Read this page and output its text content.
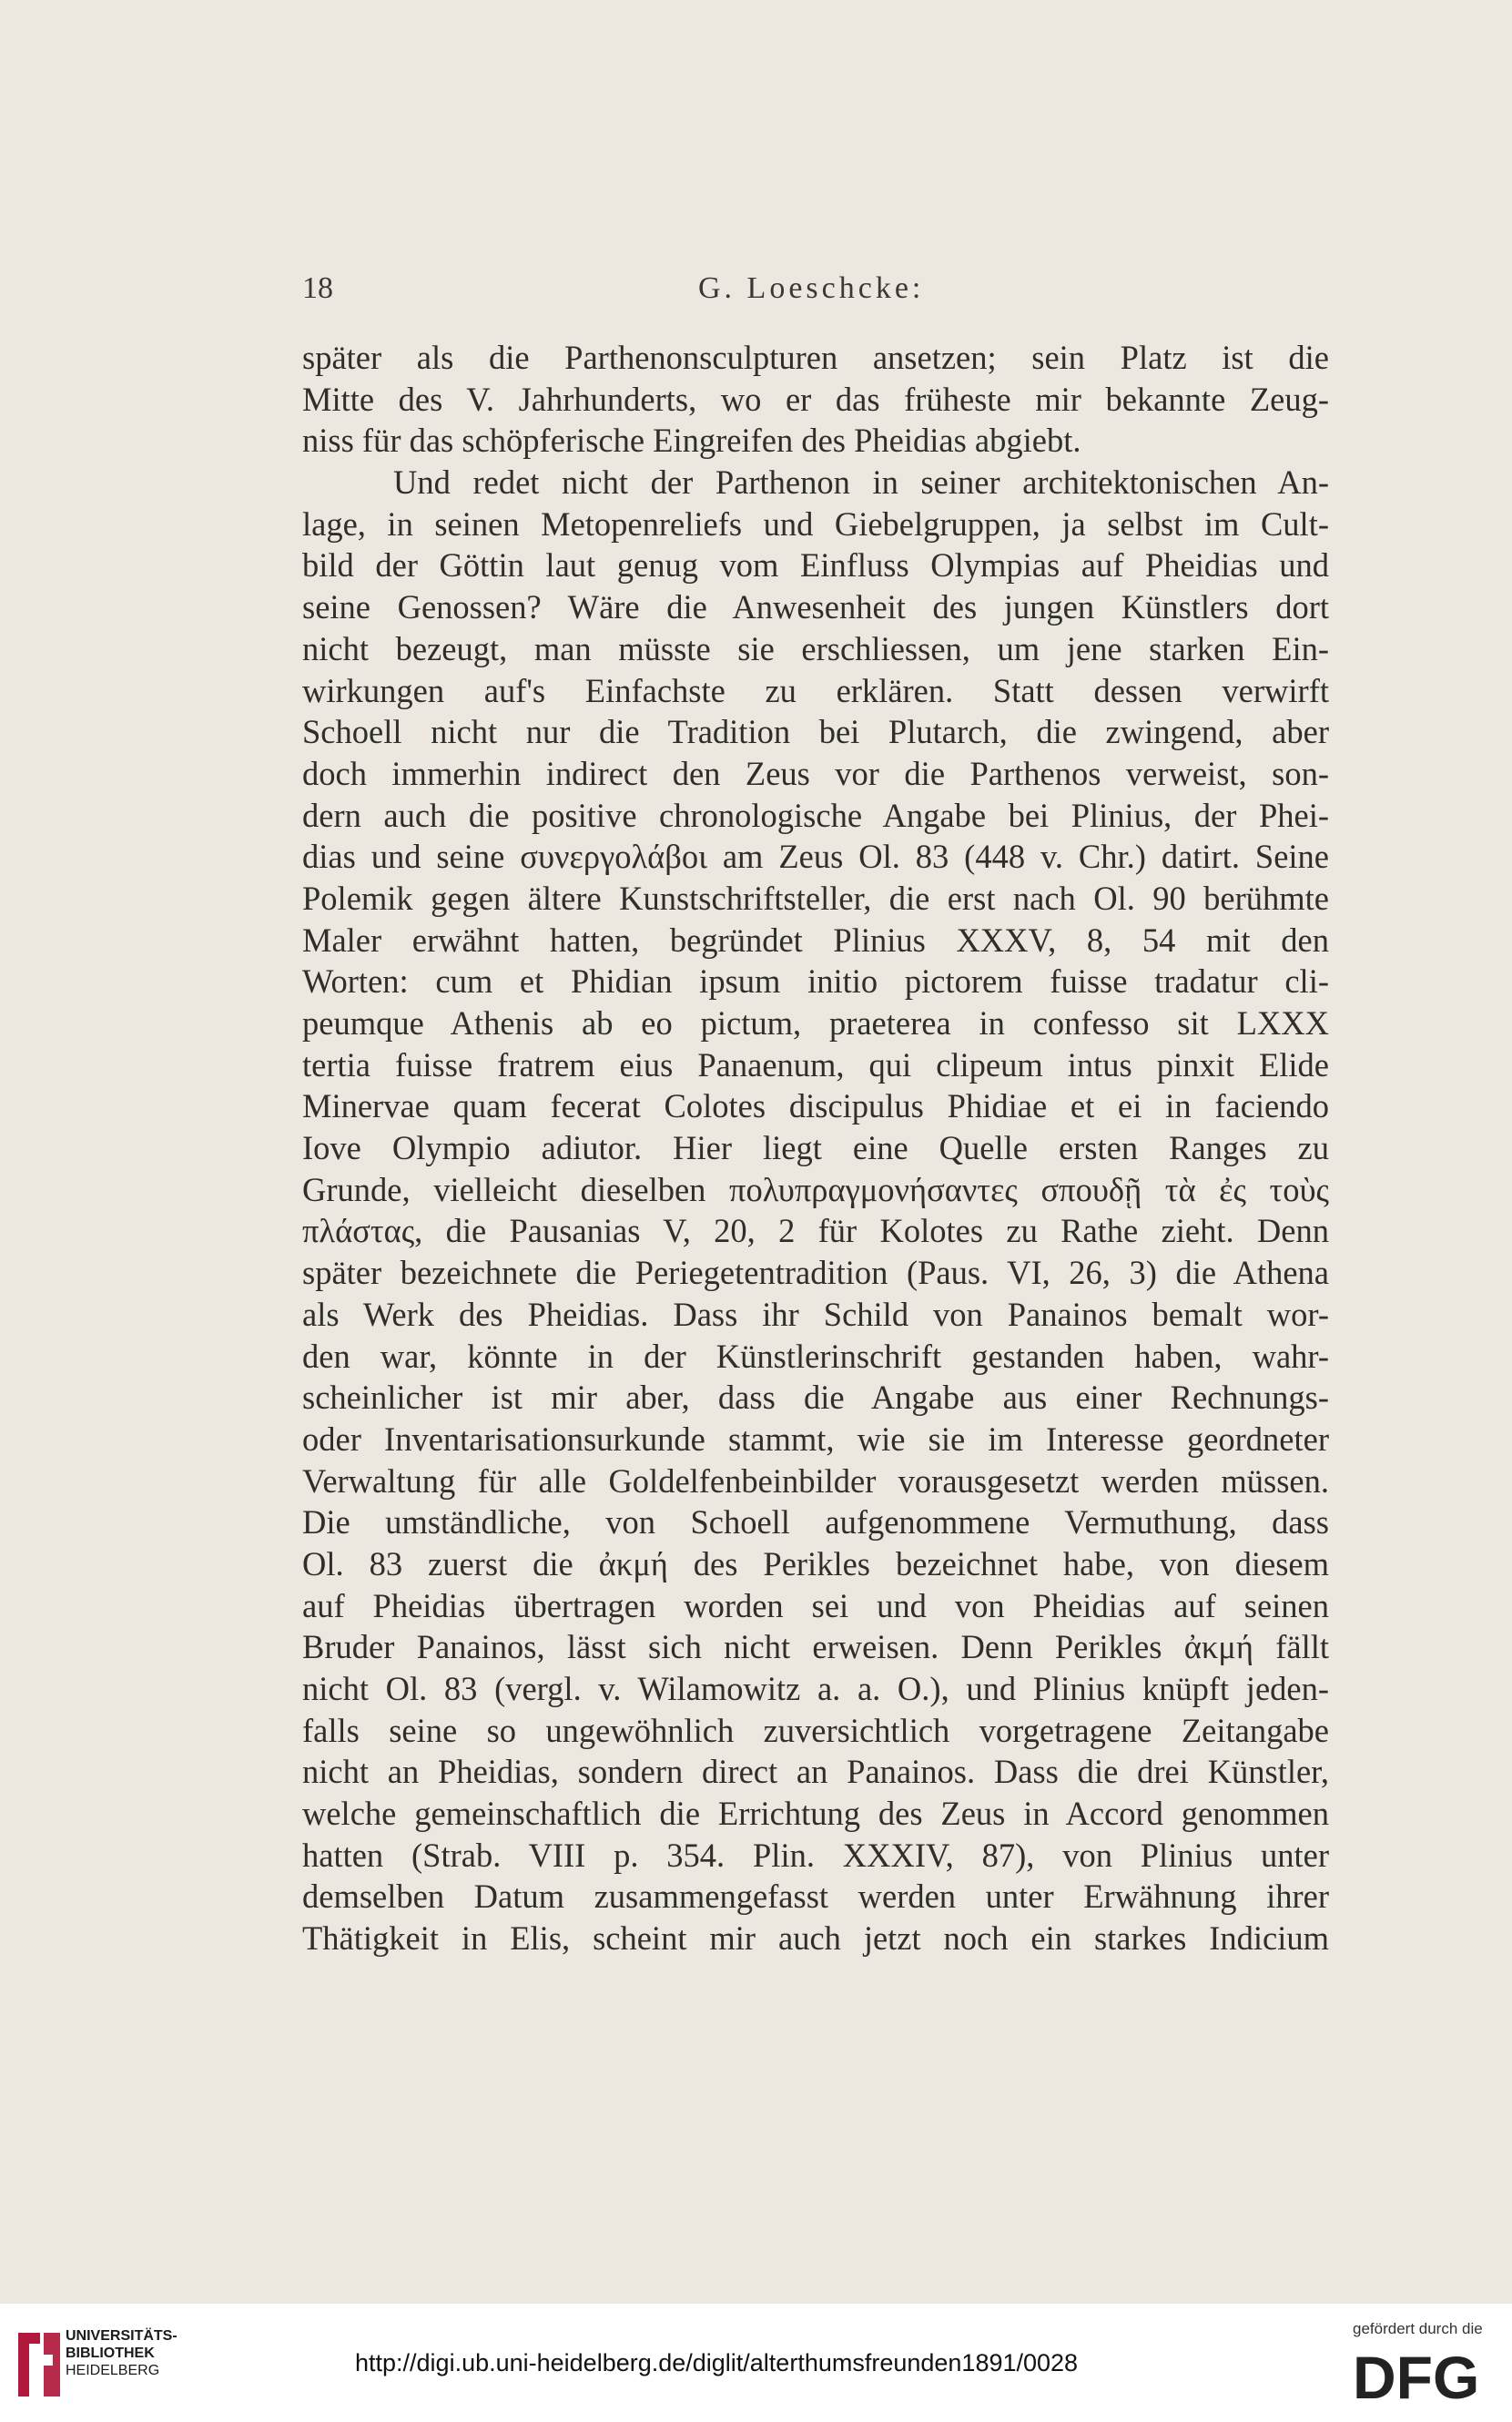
18	G. Loeschcke:
später als die Parthenonsculpturen ansetzen; sein Platz ist die
Mitte des V. Jahrhunderts, wo er das früheste mir bekannte Zeug-
niss für das schöpferische Eingreifen des Pheidias abgiebt.
Und redet nicht der Parthenon in seiner architektonischen An-
lage, in seinen Metopenreliefs und Giebelgruppen, ja selbst im Cult-
bild der Göttin laut genug vom Einfluss Olympias auf Pheidias und
seine Genossen? Wäre die Anwesenheit des jungen Künstlers dort
nicht bezeugt, man müsste sie erschliessen, um jene starken Ein-
wirkungen auf's Einfachste zu erklären. Statt dessen verwirft
Schoell nicht nur die Tradition bei Plutarch, die zwingend, aber
doch immerhin indirect den Zeus vor die Parthenos verweist, son-
dern auch die positive chronologische Angabe bei Plinius, der Phei-
dias und seine συνεργολάβοι am Zeus Ol. 83 (448 v. Chr.) datirt. Seine
Polemik gegen ältere Kunstschriftsteller, die erst nach Ol. 90 berühmte
Maler erwähnt hatten, begründet Plinius XXXV, 8, 54 mit den
Worten: cum et Phidian ipsum initio pictorem fuisse tradatur cli-
peumque Athenis ab eo pictum, praeterea in confesso sit LXXX
tertia fuisse fratrem eius Panaenum, qui clipeum intus pinxit Elide
Minervae quam fecerat Colotes discipulus Phidiae et ei in faciendo
Iove Olympio adiutor. Hier liegt eine Quelle ersten Ranges zu
Grunde, vielleicht dieselben πολυπραγμονήσαντες σπουδῇ τὰ ἐς τοὺς
πλάστας, die Pausanias V, 20, 2 für Kolotes zu Rathe zieht. Denn
später bezeichnete die Periegetentradition (Paus. VI, 26, 3) die Athena
als Werk des Pheidias. Dass ihr Schild von Panainos bemalt wor-
den war, könnte in der Künstlerinschrift gestanden haben, wahr-
scheinlicher ist mir aber, dass die Angabe aus einer Rechnungs-
oder Inventarisationsurkunde stammt, wie sie im Interesse geordneter
Verwaltung für alle Goldelfenbeinbilder vorausgesetzt werden müssen.
Die umständliche, von Schoell aufgenommene Vermuthung, dass
Ol. 83 zuerst die ἀκμή des Perikles bezeichnet habe, von diesem
auf Pheidias übertragen worden sei und von Pheidias auf seinen
Bruder Panainos, lässt sich nicht erweisen. Denn Perikles ἀκμή fällt
nicht Ol. 83 (vergl. v. Wilamowitz a. a. O.), und Plinius knüpft jeden-
falls seine so ungewöhnlich zuversichtlich vorgetragene Zeitangabe
nicht an Pheidias, sondern direct an Panainos. Dass die drei Künstler,
welche gemeinschaftlich die Errichtung des Zeus in Accord genommen
hatten (Strab. VIII p. 354. Plin. XXXIV, 87), von Plinius unter
demselben Datum zusammengefasst werden unter Erwähnung ihrer
Thätigkeit in Elis, scheint mir auch jetzt noch ein starkes Indicium
UNIVERSITÄTS-
BIBLIOTHEK
HEIDELBERG	http://digi.ub.uni-heidelberg.de/diglit/alterthumsfreunden1891/0028
gefördert durch die
DFG
